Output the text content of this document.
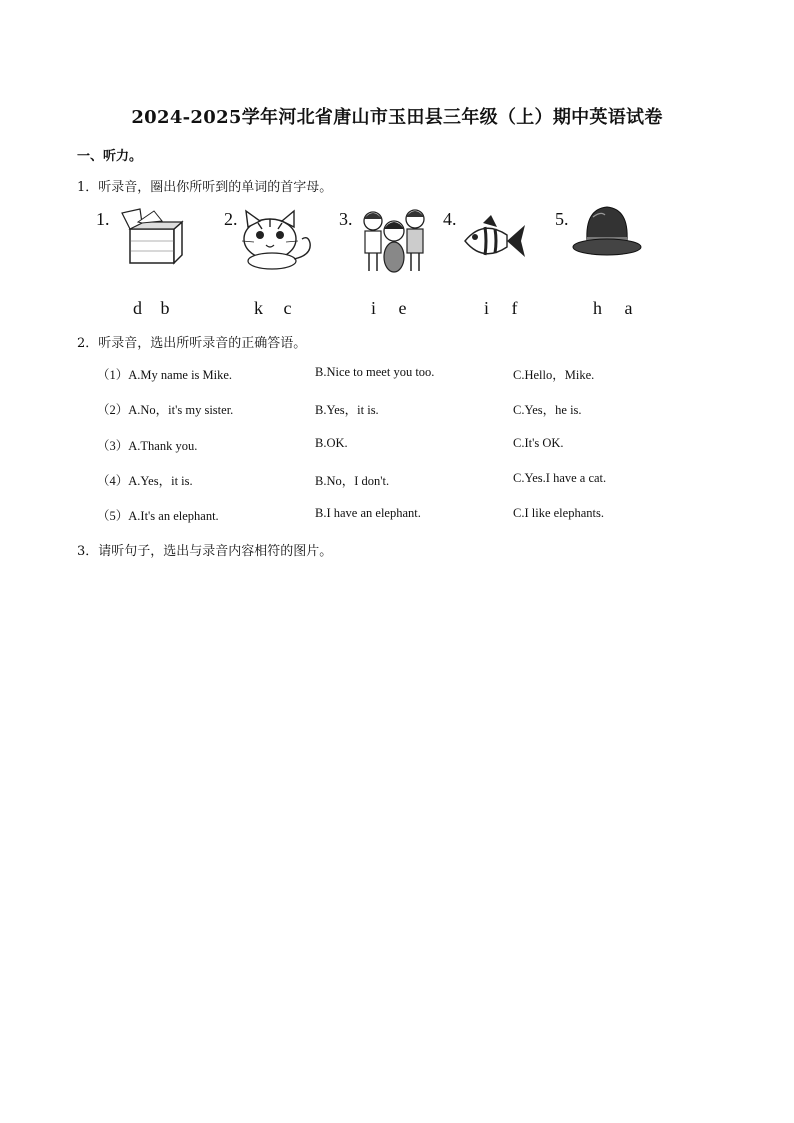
2024-2025学年河北省唐山市玉田县三年级（上）期中英语试卷
一、听力。
1．听录音，圈出你所听到的单词的首字母。
1.	2.	3.	4.	5.
d b	k c	i e	i f	h a
2．听录音，选出所听录音的正确答语。
（1）A.My name is Mike.	B.Nice to meet you too.	C.Hello，Mike.
（2）A.No，it's my sister.	B.Yes，it is.	C.Yes，he is.
（3）A.Thank you.	B.OK.	C.It's OK.
（4）A.Yes，it is.	B.No，I don't.	C.Yes.I have a cat.
（5）A.It's an elephant.	B.I have an elephant.	C.I like elephants.
3．请听句子，选出与录音内容相符的图片。
